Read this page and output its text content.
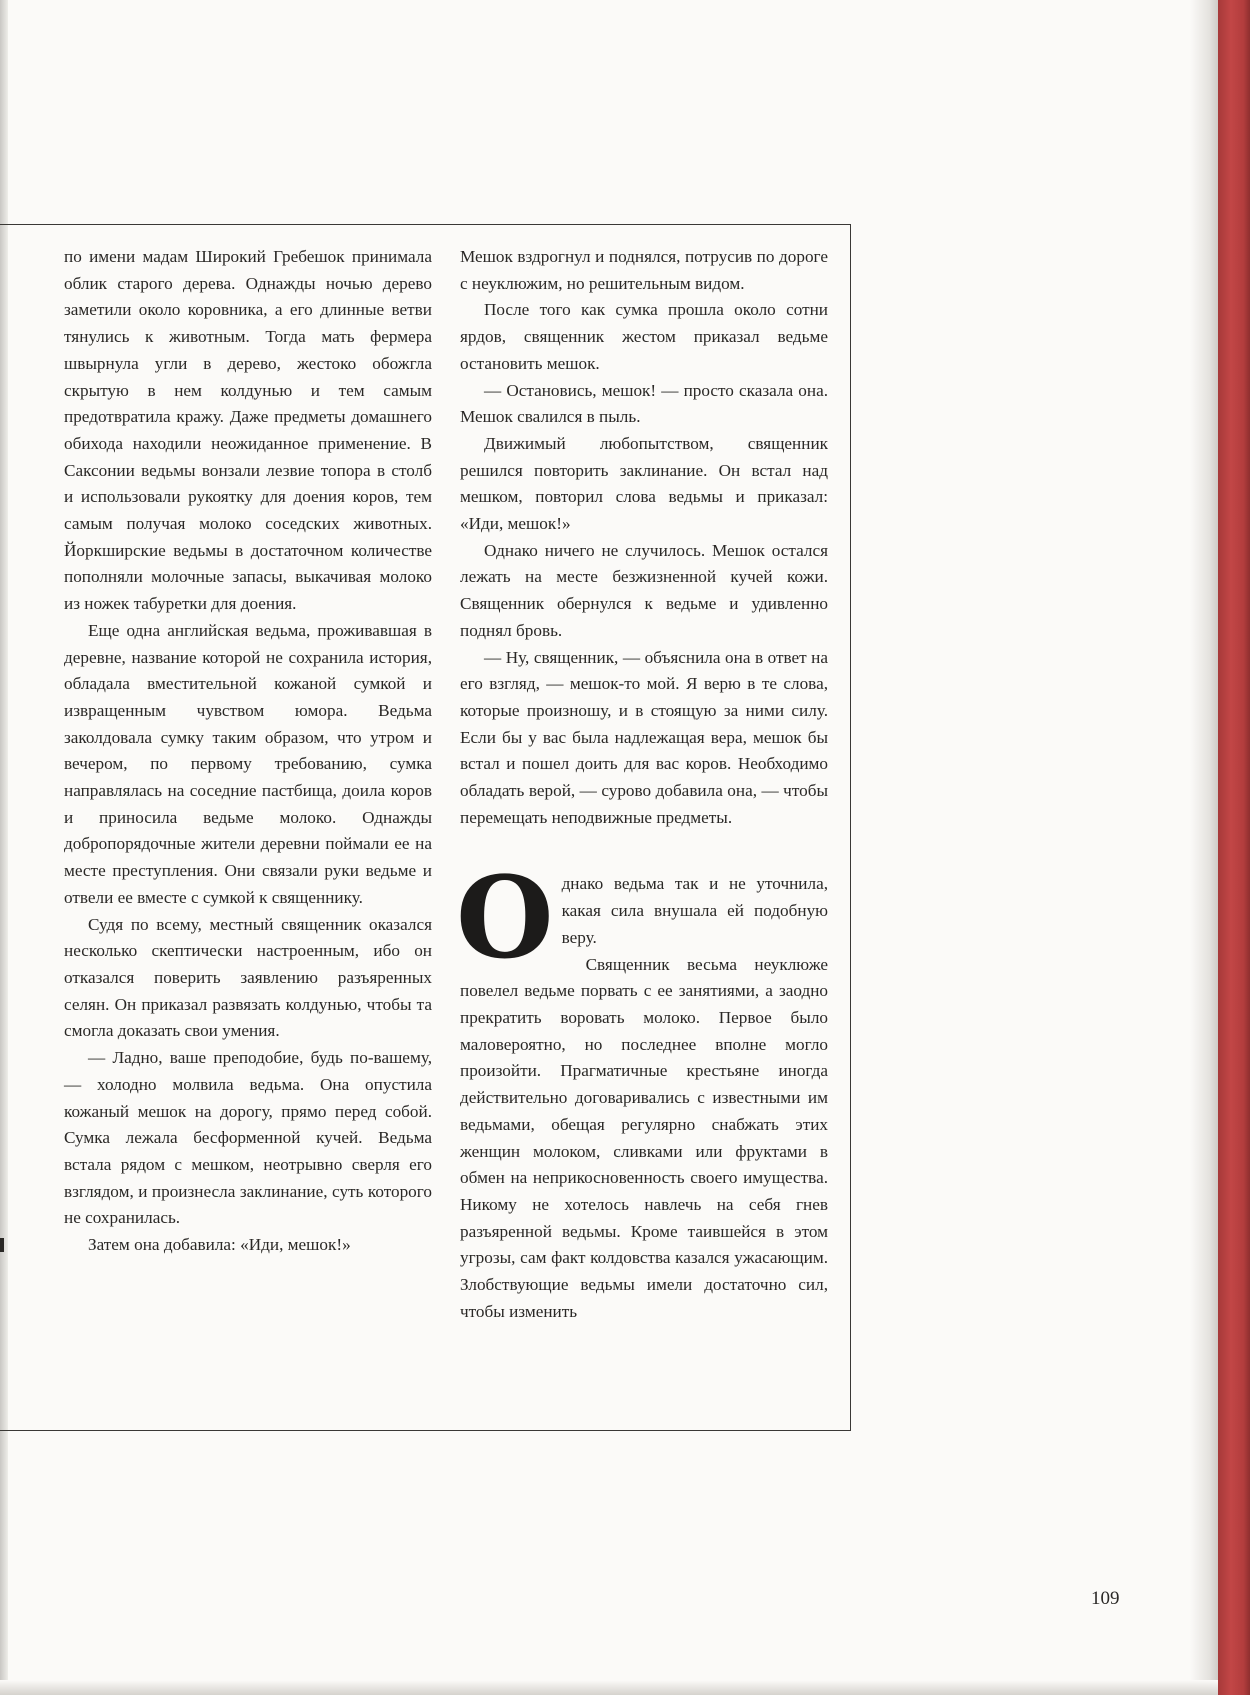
по имени мадам Широкий Гребешок принимала облик старого дерева. Однажды ночью дерево заметили около коровника, а его длинные ветви тянулись к животным. Тогда мать фермера швырнула угли в дерево, жестоко обожгла скрытую в нем колдунью и тем самым предотвратила кражу. Даже предметы домашнего обихода находили неожиданное применение. В Саксонии ведьмы вонзали лезвие топора в столб и использовали рукоятку для доения коров, тем самым получая молоко соседских животных. Йоркширские ведьмы в достаточном количестве пополняли молочные запасы, выкачивая молоко из ножек табуретки для доения.

Еще одна английская ведьма, проживавшая в деревне, название которой не сохранила история, обладала вместительной кожаной сумкой и извращенным чувством юмора. Ведьма заколдовала сумку таким образом, что утром и вечером, по первому требованию, сумка направлялась на соседние пастбища, доила коров и приносила ведьме молоко. Однажды добропорядочные жители деревни поймали ее на месте преступления. Они связали руки ведьме и отвели ее вместе с сумкой к священнику.

Судя по всему, местный священник оказался несколько скептически настроенным, ибо он отказался поверить заявлению разъяренных селян. Он приказал развязать колдунью, чтобы та смогла доказать свои умения.

— Ладно, ваше преподобие, будь по-вашему, — холодно молвила ведьма. Она опустила кожаный мешок на дорогу, прямо перед собой. Сумка лежала бесформенной кучей. Ведьма встала рядом с мешком, неотрывно сверля его взглядом, и произнесла заклинание, суть которого не сохранилась.

Затем она добавила: «Иди, мешок!»

Мешок вздрогнул и поднялся, потрусив по дороге с неуклюжим, но решительным видом.

После того как сумка прошла около сотни ярдов, священник жестом приказал ведьме остановить мешок.

— Остановись, мешок! — просто сказала она. Мешок свалился в пыль.

Движимый любопытством, священник решился повторить заклинание. Он встал над мешком, повторил слова ведьмы и приказал: «Иди, мешок!»

Однако ничего не случилось. Мешок остался лежать на месте безжизненной кучей кожи. Священник обернулся к ведьме и удивленно поднял бровь.

— Ну, священник, — объяснила она в ответ на его взгляд, — мешок-то мой. Я верю в те слова, которые произношу, и в стоящую за ними силу. Если бы у вас была надлежащая вера, мешок бы встал и пошел доить для вас коров. Необходимо обладать верой, — сурово добавила она, — чтобы перемещать неподвижные предметы.

О днако ведьма так и не уточнила, какая сила внушала ей подобную веру.

Священник весьма неуклюже повелел ведьме порвать с ее занятиями, а заодно прекратить воровать молоко. Первое было маловероятно, но последнее вполне могло произойти. Прагматичные крестьяне иногда действительно договаривались с известными им ведьмами, обещая регулярно снабжать этих женщин молоком, сливками или фруктами в обмен на неприкосновенность своего имущества. Никому не хотелось навлечь на себя гнев разъяренной ведьмы. Кроме таившейся в этом угрозы, сам факт колдовства казался ужасающим. Злобствующие ведьмы имели достаточно сил, чтобы изменить

109
